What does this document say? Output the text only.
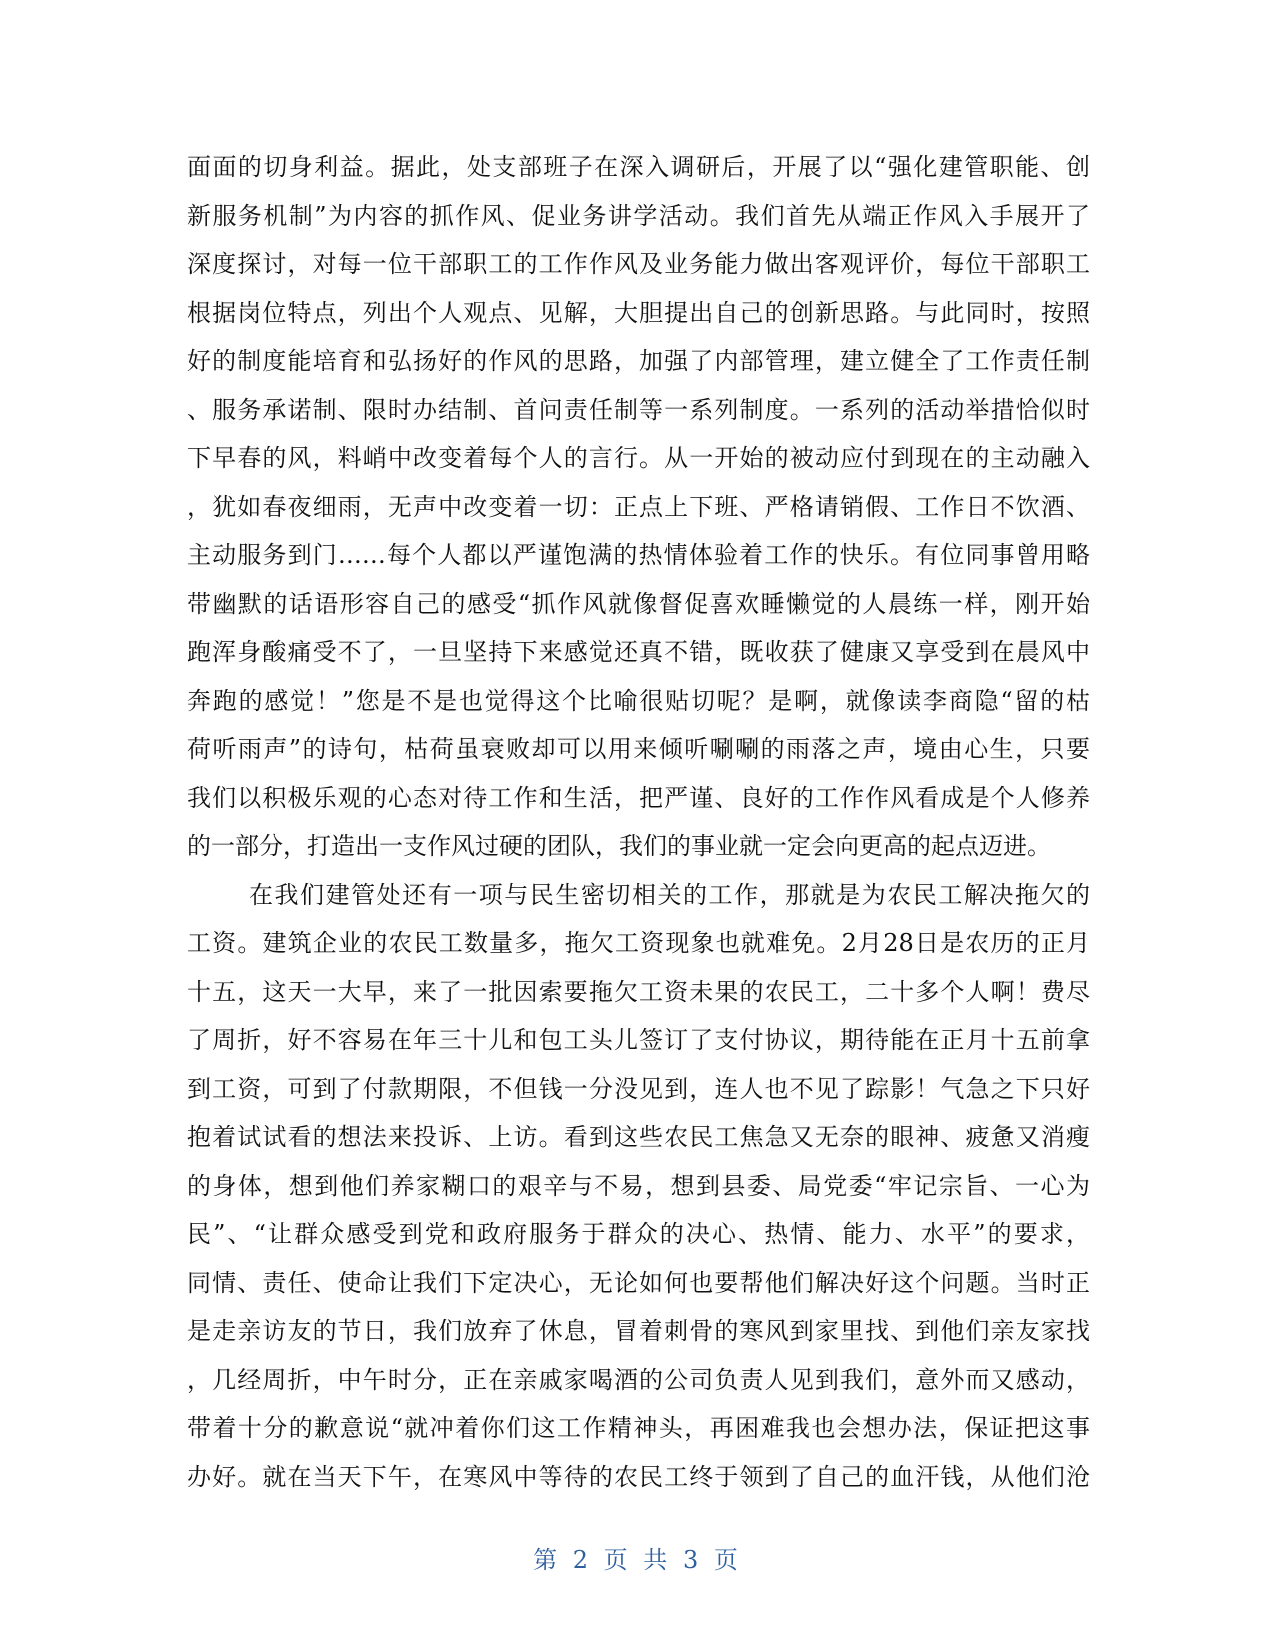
面面的切身利益。据此，处支部班子在深入调研后，开展了以“强化建管职能、创
新服务机制”为内容的抓作风、促业务讲学活动。我们首先从端正作风入手展开了
深度探讨，对每一位干部职工的工作作风及业务能力做出客观评价，每位干部职工
根据岗位特点，列出个人观点、见解，大胆提出自己的创新思路。与此同时，按照
好的制度能培育和弘扬好的作风的思路，加强了内部管理，建立健全了工作责任制
、服务承诺制、限时办结制、首问责任制等一系列制度。一系列的活动举措恰似时
下早春的风，料峭中改变着每个人的言行。从一开始的被动应付到现在的主动融入
，犹如春夜细雨，无声中改变着一切：正点上下班、严格请销假、工作日不饮酒、
主动服务到门……每个人都以严谨饱满的热情体验着工作的快乐。有位同事曾用略
带幽默的话语形容自己的感受“抓作风就像督促喜欢睡懒觉的人晨练一样，刚开始
跑浑身酸痛受不了，一旦坚持下来感觉还真不错，既收获了健康又享受到在晨风中
奔跑的感觉！”您是不是也觉得这个比喻很贴切呢？是啊，就像读李商隐“留的枯
荷听雨声”的诗句，枯荷虽衰败却可以用来倾听唰唰的雨落之声，境由心生，只要
我们以积极乐观的心态对待工作和生活，把严谨、良好的工作作风看成是个人修养
的一部分，打造出一支作风过硬的团队，我们的事业就一定会向更高的起点迈进。
在我们建管处还有一项与民生密切相关的工作，那就是为农民工解决拖欠的
工资。建筑企业的农民工数量多，拖欠工资现象也就难免。2月28日是农历的正月
十五，这天一大早，来了一批因索要拖欠工资未果的农民工，二十多个人啊！费尽
了周折，好不容易在年三十儿和包工头儿签订了支付协议，期待能在正月十五前拿
到工资，可到了付款期限，不但钱一分没见到，连人也不见了踪影！气急之下只好
抱着试试看的想法来投诉、上访。看到这些农民工焦急又无奈的眼神、疲惫又消瘦
的身体，想到他们养家糊口的艰辛与不易，想到县委、局党委“牢记宗旨、一心为
民”、“让群众感受到党和政府服务于群众的决心、热情、能力、水平”的要求，
同情、责任、使命让我们下定决心，无论如何也要帮他们解决好这个问题。当时正
是走亲访友的节日，我们放弃了休息，冒着刺骨的寒风到家里找、到他们亲友家找
，几经周折，中午时分，正在亲戚家喝酒的公司负责人见到我们，意外而又感动，
带着十分的歉意说“就冲着你们这工作精神头，再困难我也会想办法，保证把这事
办好。就在当天下午，在寒风中等待的农民工终于领到了自己的血汗钱，从他们沧
第 2 页 共 3 页
